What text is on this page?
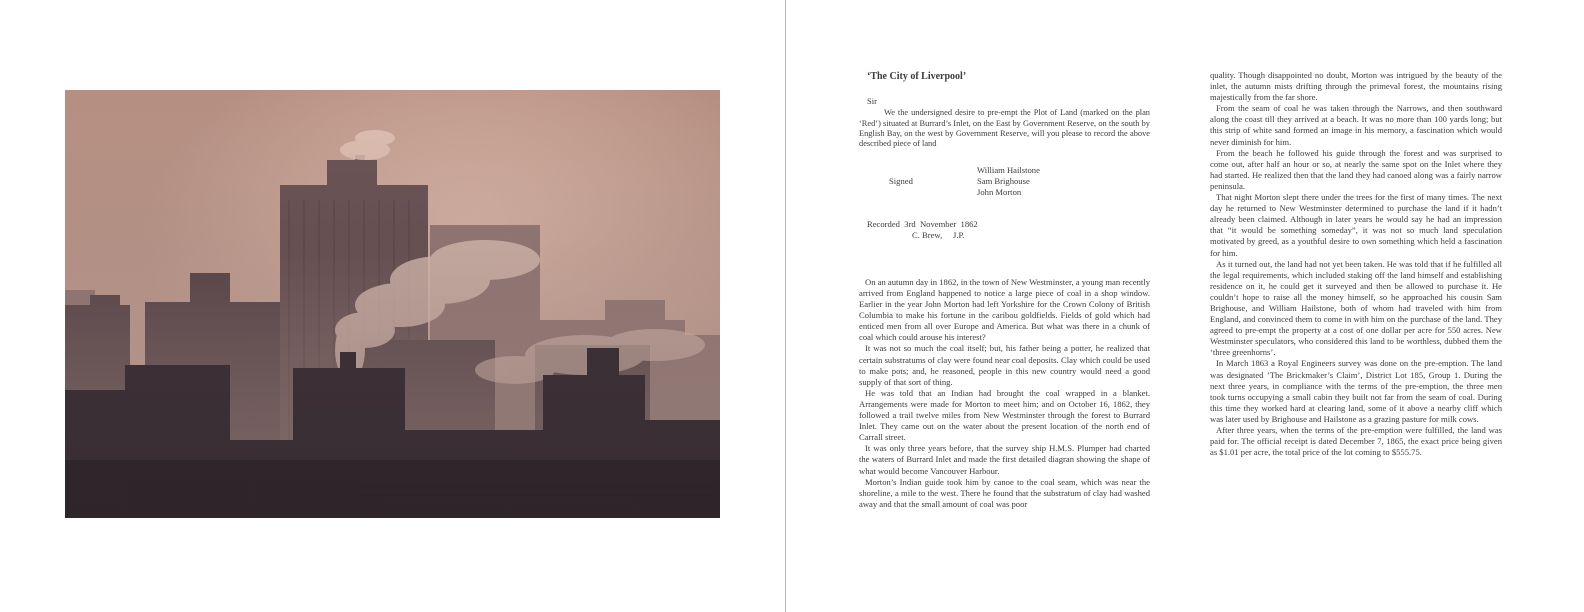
‘The City of Liverpool’
Sir
We the undersigned desire to pre-empt the Plot of Land (marked on the plan ‘Red’) situated at Burrard’s Inlet, on the East by Government Reserve, on the south by English Bay, on the west by Government Reserve, will you please to record the above described piece of land
Signed
William Hailstone
Sam Brighouse
John Morton
Recorded  3rd  November  1862
C. Brew,     J.P.

On an autumn day in 1862, in the town of New Westminster, a young man recently arrived from England happened to notice a large piece of coal in a shop window. Earlier in the year John Morton had left Yorkshire for the Crown Colony of British Columbia to make his fortune in the caribou goldfields. Fields of gold which had enticed men from all over Europe and America. But what was there in a chunk of coal which could arouse his interest?

It was not so much the coal itself; but, his father being a potter, he realized that certain substratums of clay were found near coal deposits. Clay which could be used to make pots; and, he reasoned, people in this new country would need a good supply of that sort of thing.

He was told that an Indian had brought the coal wrapped in a blanket. Arrangements were made for Morton to meet him; and on October 16, 1862, they followed a trail twelve miles from New Westminster through the forest to Burrard Inlet. They came out on the water about the present location of the north end of Carrall street.

It was only three years before, that the survey ship H.M.S. Plumper had charted the waters of Burrard Inlet and made the first detailed diagran showing the shape of what would become Vancouver Harbour.

Morton’s Indian guide took him by canoe to the coal seam, which was near the shoreline, a mile to the west. There he found that the substratum of clay had washed away and that the small amount of coal was poor

quality. Though disappointed no doubt, Morton was intrigued by the beauty of the inlet, the autumn mists drifting through the primeval forest, the mountains rising majestically from the far shore.

From the seam of coal he was taken through the Narrows, and then southward along the coast till they arrived at a beach. It was no more than 100 yards long; but this strip of white sand formed an image in his memory, a fascination which would never diminish for him.

From the beach he followed his guide through the forest and was surprised to come out, after half an hour or so, at nearly the same spot on the Inlet where they had started. He realized then that the land they had canoed along was a fairly narrow peninsula.

That night Morton slept there under the trees for the first of many times. The next day he returned to New Westminster determined to purchase the land if it hadn’t already been claimed. Although in later years he would say he had an impression that “it would be something someday”, it was not so much land speculation motivated by greed, as a youthful desire to own something which held a fascination for him.

As it turned out, the land had not yet been taken. He was told that if he fulfilled all the legal requirements, which included staking off the land himself and establishing residence on it, he could get it surveyed and then be allowed to purchase it. He couldn’t hope to raise all the money himself, so he approached his cousin Sam Brighouse, and William Hailstone, both of whom had traveled with him from England, and convinced them to come in with him on the purchase of the land. They agreed to pre-empt the property at a cost of one dollar per acre for 550 acres. New Westminster speculators, who considered this land to be worthless, dubbed them the ‘three greenhorns’.

In March 1863 a Royal Engineers survey was done on the pre-emption. The land was designated ’The Brickmaker’s Claim’, District Lot 185, Group 1. During the next three years, in compliance with the terms of the pre-emption, the three men took turns occupying a small cabin they built not far from the seam of coal. During this time they worked hard at clearing land, some of it above a nearby cliff which was later used by Brighouse and Hailstone as a grazing pasture for milk cows.

After three years, when the terms of the pre-emption were fulfilled, the land was paid for. The official receipt is dated December 7, 1865, the exact price being given as $1.01 per acre, the total price of the lot coming to $555.75.
